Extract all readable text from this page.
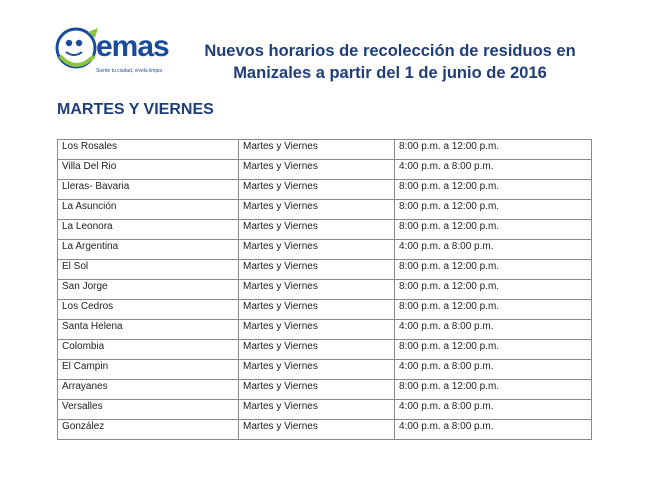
emas
Siente tu ciudad, vívela limpia
Nuevos horarios de recolección de residuos en
Manizales a partir del 1 de junio de 2016
MARTES Y VIERNES
Los Rosales	Martes y Viernes	8:00 p.m. a 12:00 p.m.
Villa Del Rio	Martes y Viernes	4:00 p.m. a 8:00 p.m.
Lleras- Bavaria	Martes y Viernes	8:00 p.m. a 12:00 p.m.
La Asunción	Martes y Viernes	8:00 p.m. a 12:00 p.m.
La Leonora	Martes y Viernes	8:00 p.m. a 12:00 p.m.
La Argentina	Martes y Viernes	4:00 p.m. a 8:00 p.m.
El Sol	Martes y Viernes	8:00 p.m. a 12:00 p.m.
San Jorge	Martes y Viernes	8:00 p.m. a 12:00 p.m.
Los Cedros	Martes y Viernes	8:00 p.m. a 12:00 p.m.
Santa Helena	Martes y Viernes	4:00 p.m. a 8:00 p.m.
Colombia	Martes y Viernes	8:00 p.m. a 12:00 p.m.
El Campin	Martes y Viernes	4:00 p.m. a 8:00 p.m.
Arrayanes	Martes y Viernes	8:00 p.m. a 12:00 p.m.
Versalles	Martes y Viernes	4:00 p.m. a 8:00 p.m.
González	Martes y Viernes	4:00 p.m. a 8:00 p.m.
